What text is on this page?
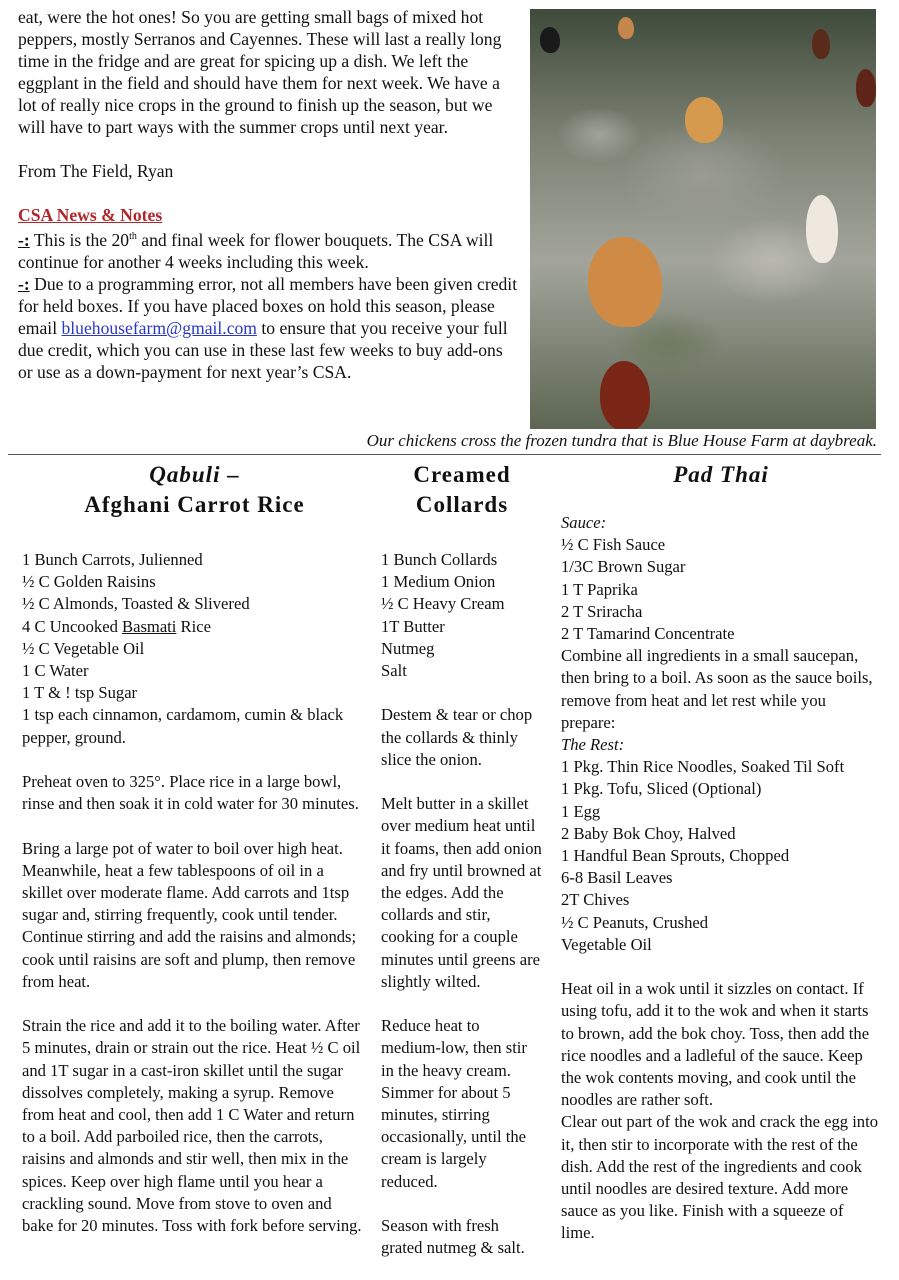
eat, were the hot ones! So you are getting small bags of mixed hot peppers, mostly Serranos and Cayennes. These will last a really long time in the fridge and are great for spicing up a dish. We left the eggplant in the field and should have them for next week. We have a lot of really nice crops in the ground to finish up the season, but we will have to part ways with the summer crops until next year.

From The Field, Ryan

CSA News & Notes

-: This is the 20th and final week for flower bouquets. The CSA will continue for another 4 weeks including this week.

-: Due to a programming error, not all members have been given credit for held boxes. If you have placed boxes on hold this season, please email bluehousefarm@gmail.com to ensure that you receive your full due credit, which you can use in these last few weeks to buy add-ons or use as a down-payment for next year’s CSA.

Our chickens cross the frozen tundra that is Blue House Farm at daybreak.

Qabuli –

Afghani Carrot Rice

1 Bunch Carrots, Julienned

½ C Golden Raisins

½ C Almonds, Toasted & Slivered

4 C Uncooked Basmati Rice

½ C Vegetable Oil

1 C Water

1 T & ! tsp Sugar

1 tsp each cinnamon, cardamom, cumin & black pepper, ground.

Preheat oven to 325°. Place rice in a large bowl, rinse and then soak it in cold water for 30 minutes.

Bring a large pot of water to boil over high heat. Meanwhile, heat a few tablespoons of oil in a skillet over moderate flame. Add carrots and 1tsp sugar and, stirring frequently, cook until tender. Continue stirring and add the raisins and almonds; cook until raisins are soft and plump, then remove from heat.

Strain the rice and add it to the boiling water. After 5 minutes, drain or strain out the rice. Heat ½ C oil and 1T sugar in a cast-iron skillet until the sugar dissolves completely, making a syrup. Remove from heat and cool, then add 1 C Water and return to a boil. Add parboiled rice, then the carrots, raisins and almonds and stir well, then mix in the spices. Keep over high flame until you hear a crackling sound. Move from stove to oven and bake for 20 minutes. Toss with fork before serving.

Creamed

Collards

1 Bunch Collards

1 Medium Onion

½ C Heavy Cream

1T Butter

Nutmeg

Salt

Destem & tear or chop the collards & thinly slice the onion.

Melt butter in a skillet over medium heat until it foams, then add onion and fry until browned at the edges. Add the collards and stir, cooking for a couple minutes until greens are slightly wilted.

Reduce heat to medium-low, then stir in the heavy cream. Simmer for about 5 minutes, stirring occasionally, until the cream is largely reduced.

Season with fresh grated nutmeg & salt.

Pad Thai

Sauce:

½ C Fish Sauce

1/3C Brown Sugar

1 T Paprika

2 T Sriracha

2 T Tamarind Concentrate

Combine all ingredients in a small saucepan, then bring to a boil. As soon as the sauce boils, remove from heat and let rest while you prepare:

The Rest:

1 Pkg. Thin Rice Noodles, Soaked Til Soft

1 Pkg. Tofu, Sliced (Optional)

1 Egg

2 Baby Bok Choy, Halved

1 Handful Bean Sprouts, Chopped

6-8 Basil Leaves

2T Chives

½ C Peanuts, Crushed

Vegetable Oil

Heat oil in a wok until it sizzles on contact. If using tofu, add it to the wok and when it starts to brown, add the bok choy. Toss, then add the rice noodles and a ladleful of the sauce. Keep the wok contents moving, and cook until the noodles are rather soft.

Clear out part of the wok and crack the egg into it, then stir to incorporate with the rest of the dish. Add the rest of the ingredients and cook until noodles are desired texture. Add more sauce as you like. Finish with a squeeze of lime.
